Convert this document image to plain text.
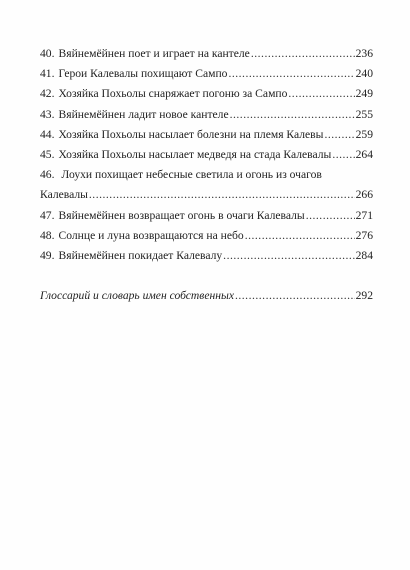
40. Вяйнемёйнен поет и играет на кантеле .....	236
41. Герои Калевалы похищают Сампо .....	240
42. Хозяйка Похьолы снаряжает погоню за Сампо .....	249
43. Вяйнемёйнен ладит новое кантеле .....	255
44. Хозяйка Похьолы насылает болезни на племя Калевы .....	259
45. Хозяйка Похьолы насылает медведя на стада Калевалы ..... 264
46. Лоухи похищает небесные светила и огонь из очагов
Калевалы .....	266
47. Вяйнемёйнен возвращает огонь в очаги Калевалы .....	271
48. Солнце и луна возвращаются на небо .....	276
49. Вяйнемёйнен покидает Калевалу .....	284
Глоссарий и словарь имен собственных .....	292
